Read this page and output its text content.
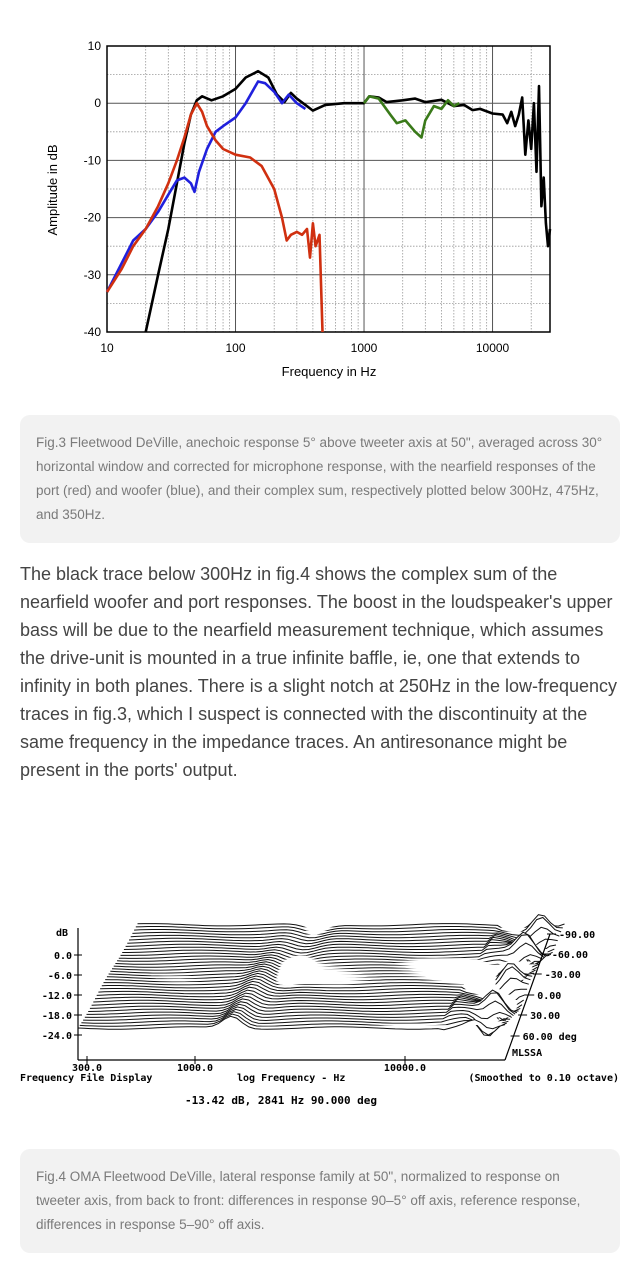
10	100	1000	10000
10
0
-10
-20
-30
-40
Frequency in Hz
Amplitude in dB
Fig.3 Fleetwood DeVille, anechoic response 5° above tweeter axis at 50", averaged across 30° horizontal window and corrected for microphone response, with the nearfield responses of the port (red) and woofer (blue), and their complex sum, respectively plotted below 300Hz, 475Hz, and 350Hz.
The black trace below 300Hz in fig.4 shows the complex sum of the nearfield woofer and port responses. The boost in the loudspeaker's upper bass will be due to the nearfield measurement technique, which assumes the drive-unit is mounted in a true infinite baffle, ie, one that extends to infinity in both planes. There is a slight notch at 250Hz in the low-frequency traces in fig.3, which I suspect is connected with the discontinuity at the same frequency in the impedance traces. An antiresonance might be present in the ports' output.
0.0
-6.0
-12.0
-18.0
-24.0
300.0	1000.0	10000.0
-90.00
-60.00
-30.00
0.00
30.00
60.00 deg
dB
Frequency File Display	log Frequency - Hz	(Smoothed to 0.10 octave)
-13.42 dB, 2841 Hz 90.000 deg
MLSSA
Fig.4 OMA Fleetwood DeVille, lateral response family at 50", normalized to response on tweeter axis, from back to front: differences in response 90–5° off axis, reference response, differences in response 5–90° off axis.
